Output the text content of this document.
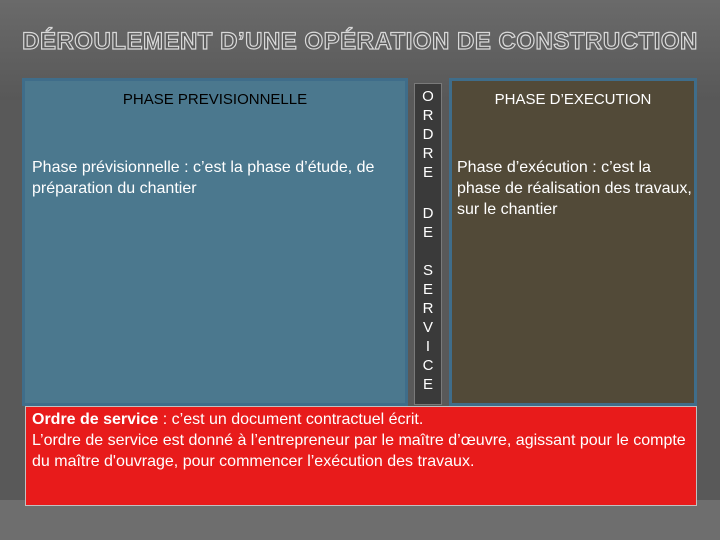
DÉROULEMENT D’UNE OPÉRATION DE CONSTRUCTION

PHASE PREVISIONNELLE

Phase prévisionnelle : c’est la phase d’étude, de préparation du chantier

O
R
D
R
E
D
E
S
E
R
V
I
C
E

PHASE D’EXECUTION

Phase d’exécution : c’est la phase de réalisation des travaux, sur le chantier

Ordre de service : c’est un document contractuel écrit.
L’ordre de service est donné à l’entrepreneur par le maître d’œuvre, agissant pour le compte du maître d'ouvrage, pour commencer l’exécution des travaux.
